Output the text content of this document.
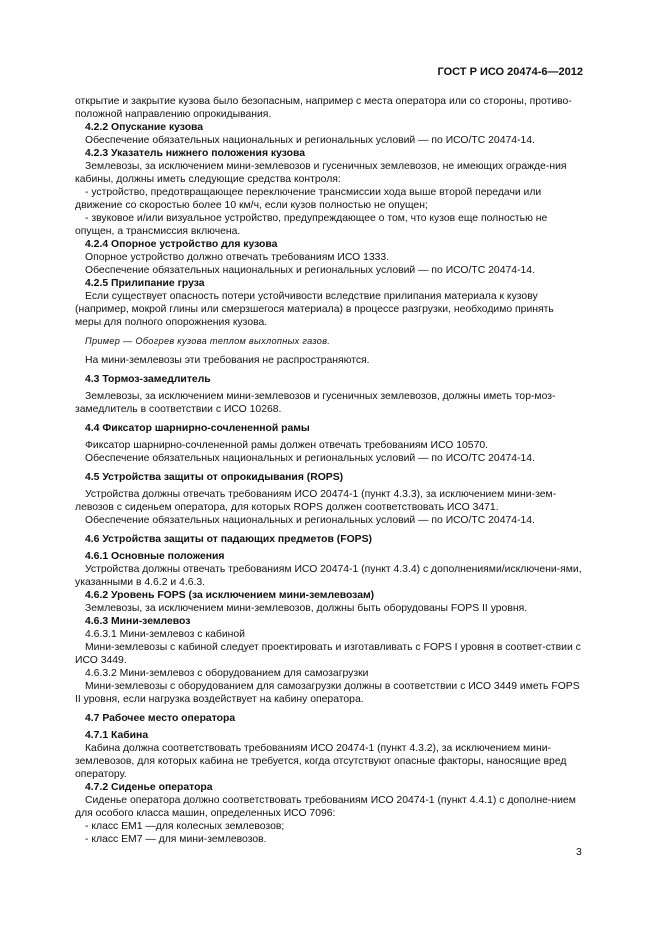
ГОСТ Р ИСО 20474-6—2012

открытие и закрытие кузова было безопасным, например с места оператора или со стороны, противо-положной направлению опрокидывания.

4.2.2 Опускание кузова

Обеспечение обязательных национальных и региональных условий — по ИСО/ТС 20474-14.

4.2.3 Указатель нижнего положения кузова

Землевозы, за исключением мини-землевозов и гусеничных землевозов, не имеющих огражде-ния кабины, должны иметь следующие средства контроля:

- устройство, предотвращающее переключение трансмиссии хода выше второй передачи или движение со скоростью более 10 км/ч, если кузов полностью не опущен;

- звуковое и/или визуальное устройство, предупреждающее о том, что кузов еще полностью не опущен, а трансмиссия включена.

4.2.4 Опорное устройство для кузова

Опорное устройство должно отвечать требованиям ИСО 1333.

Обеспечение обязательных национальных и региональных условий — по ИСО/ТС 20474-14.

4.2.5 Прилипание груза

Если существует опасность потери устойчивости вследствие прилипания материала к кузову (например, мокрой глины или смерзшегося материала) в процессе разгрузки, необходимо принять меры для полного опорожнения кузова.

Пример — Обогрев кузова теплом выхлопных газов.

На мини-землевозы эти требования не распространяются.

4.3 Тормоз-замедлитель

Землевозы, за исключением мини-землевозов и гусеничных землевозов, должны иметь тор-моз-замедлитель в соответствии с ИСО 10268.

4.4 Фиксатор шарнирно-сочлененной рамы

Фиксатор шарнирно-сочлененной рамы должен отвечать требованиям ИСО 10570.

Обеспечение обязательных национальных и региональных условий — по ИСО/ТС 20474-14.

4.5 Устройства защиты от опрокидывания (ROPS)

Устройства должны отвечать требованиям ИСО 20474-1 (пункт 4.3.3), за исключением мини-зем-левозов с сиденьем оператора, для которых ROPS должен соответствовать ИСО 3471.

Обеспечение обязательных национальных и региональных условий — по ИСО/ТС 20474-14.

4.6 Устройства защиты от падающих предметов (FOPS)
4.6.1 Основные положения

Устройства должны отвечать требованиям ИСО 20474-1 (пункт 4.3.4) с дополнениями/исключени-ями, указанными в 4.6.2 и 4.6.3.

4.6.2 Уровень FOPS (за исключением мини-землевозам)

Землевозы, за исключением мини-землевозов, должны быть оборудованы FOPS II уровня.

4.6.3 Мини-землевоз

4.6.3.1 Мини-землевоз с кабиной

Мини-землевозы с кабиной следует проектировать и изготавливать с FOPS I уровня в соответ-ствии с ИСО 3449.

4.6.3.2 Мини-землевоз с оборудованием для самозагрузки

Мини-землевозы с оборудованием для самозагрузки должны в соответствии с ИСО 3449 иметь FOPS II уровня, если нагрузка воздействует на кабину оператора.

4.7 Рабочее место оператора
4.7.1 Кабина

Кабина должна соответствовать требованиям ИСО 20474-1 (пункт 4.3.2), за исключением мини-землевозов, для которых кабина не требуется, когда отсутствуют опасные факторы, наносящие вред оператору.

4.7.2 Сиденье оператора

Сиденье оператора должно соответствовать требованиям ИСО 20474-1 (пункт 4.4.1) с дополне-нием для особого класса машин, определенных ИСО 7096:

- класс EM1 —для колесных землевозов;

- класс EM7 — для мини-землевозов.

3
